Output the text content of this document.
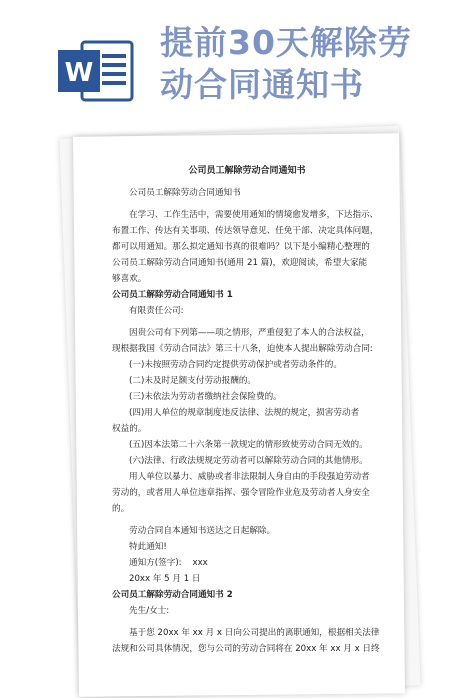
W
提前30天解除劳
动合同通知书

公司员工解除劳动合同通知书

公司员工解除劳动合同通知书

在学习、工作生活中，需要使用通知的情境愈发增多，下达指示、

布置工作、传达有关事项、传达领导意见、任免干部、决定具体问题，

都可以用通知。那么拟定通知书真的很难吗？以下是小编精心整理的

公司员工解除劳动合同通知书(通用 21 篇)，欢迎阅读，希望大家能

够喜欢。

公司员工解除劳动合同通知书 1

有限责任公司:

因贵公司有下列第——项之情形，严重侵犯了本人的合法权益，

现根据我国《劳动合同法》第三十八条，迫使本人提出解除劳动合同:

(一)未按照劳动合同约定提供劳动保护或者劳动条件的。

(二)未及时足额支付劳动报酬的。

(三)未依法为劳动者缴纳社会保险费的。

(四)用人单位的规章制度违反法律、法规的规定，损害劳动者

权益的。

(五)因本法第二十六条第一款规定的情形致使劳动合同无效的。

(六)法律、行政法规规定劳动者可以解除劳动合同的其他情形。

用人单位以暴力、威胁或者非法限制人身自由的手段强迫劳动者

劳动的，或者用人单位违章指挥、强令冒险作业危及劳动者人身安全

的。

劳动合同自本通知书送达之日起解除。

特此通知!

通知方(签字): xxx

20xx 年 5 月 1 日

公司员工解除劳动合同通知书 2

先生/女士:

基于您 20xx 年 xx 月 x 日向公司提出的离职通知，根据相关法律

法规和公司具体情况，您与公司的劳动合同将在 20xx 年 xx 月 x 日终
